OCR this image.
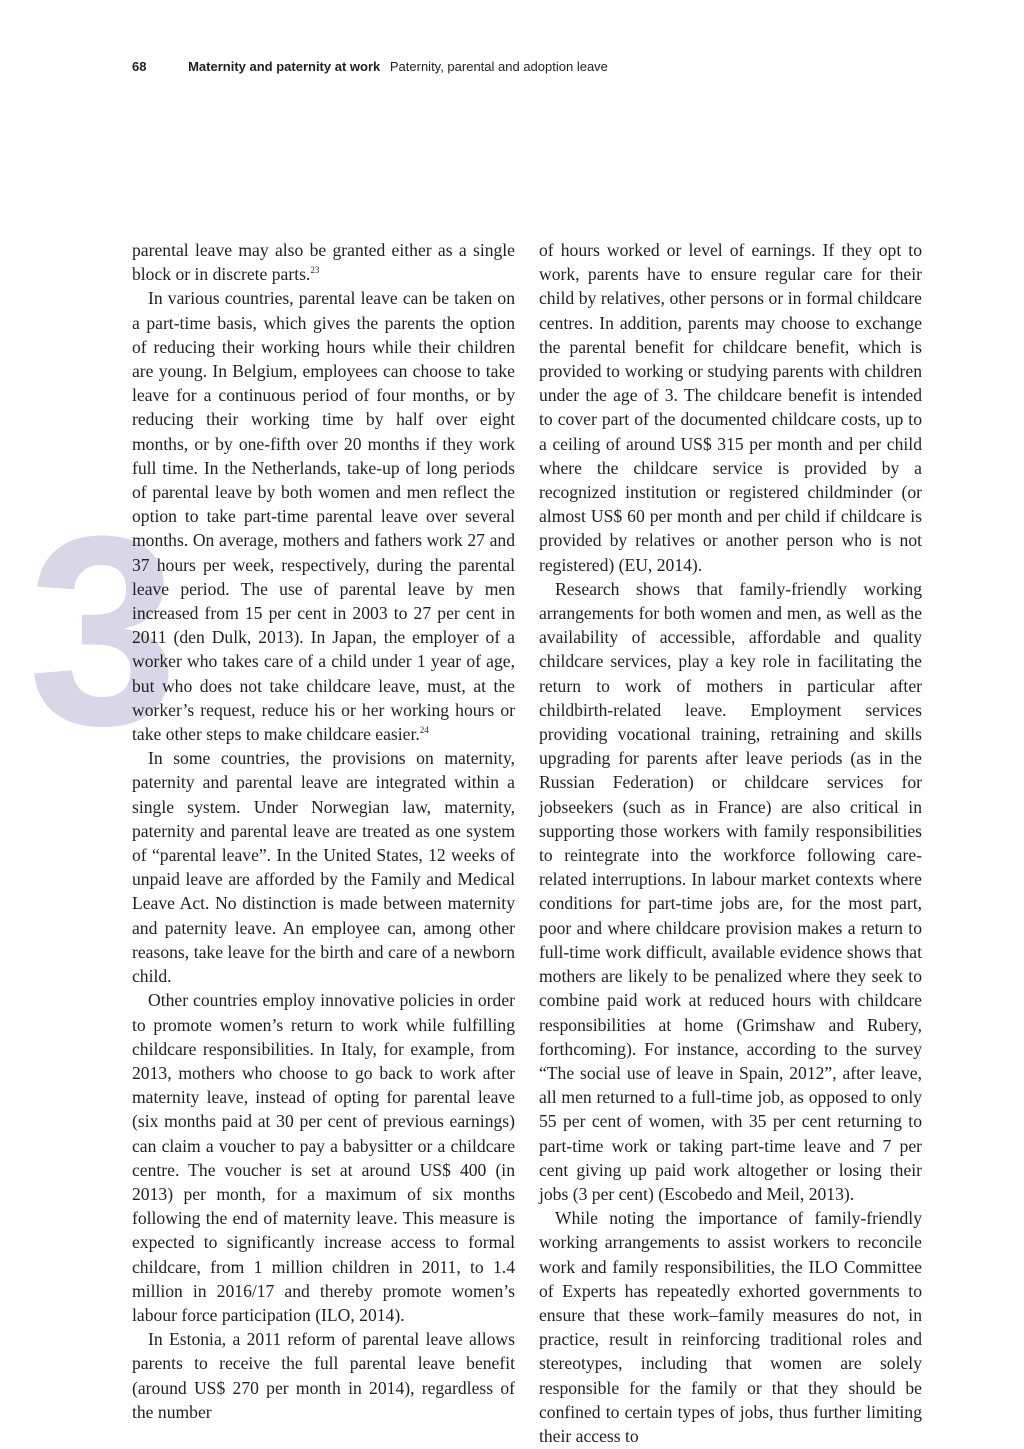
68	Maternity and paternity at work Paternity, parental and adoption leave
3

parental leave may also be granted either as a single block or in discrete parts.$^{23}$

In various countries, parental leave can be taken on a part-time basis, which gives the parents the option of reducing their working hours while their children are young. In Belgium, employees can choose to take leave for a continuous period of four months, or by reducing their working time by half over eight months, or by one-fifth over 20 months if they work full time. In the Netherlands, take-up of long periods of parental leave by both women and men reflect the option to take part-time parental leave over several months. On average, mothers and fathers work 27 and 37 hours per week, respectively, during the parental leave period. The use of parental leave by men increased from 15 per cent in 2003 to 27 per cent in 2011 (den Dulk, 2013). In Japan, the employer of a worker who takes care of a child under 1 year of age, but who does not take childcare leave, must, at the worker’s request, reduce his or her working hours or take other steps to make childcare easier.$^{24}$

In some countries, the provisions on maternity, paternity and parental leave are integrated within a single system. Under Norwegian law, maternity, paternity and parental leave are treated as one system of “parental leave”. In the United States, 12 weeks of unpaid leave are afforded by the Family and Medical Leave Act. No distinction is made between maternity and paternity leave. An employee can, among other reasons, take leave for the birth and care of a newborn child.

Other countries employ innovative policies in order to promote women’s return to work while fulfilling childcare responsibilities. In Italy, for example, from 2013, mothers who choose to go back to work after maternity leave, instead of opting for parental leave (six months paid at 30 per cent of previous earnings) can claim a voucher to pay a babysitter or a childcare centre. The voucher is set at around US$ 400 (in 2013) per month, for a maximum of six months following the end of maternity leave. This measure is expected to significantly increase access to formal childcare, from 1 million children in 2011, to 1.4 million in 2016/17 and thereby promote women’s labour force participation (ILO, 2014).

In Estonia, a 2011 reform of parental leave allows parents to receive the full parental leave benefit (around US$ 270 per month in 2014), regardless of the number

of hours worked or level of earnings. If they opt to work, parents have to ensure regular care for their child by relatives, other persons or in formal childcare centres. In addition, parents may choose to exchange the parental benefit for childcare benefit, which is provided to working or studying parents with children under the age of 3. The childcare benefit is intended to cover part of the documented childcare costs, up to a ceiling of around US$ 315 per month and per child where the childcare service is provided by a recognized institution or registered childminder (or almost US$ 60 per month and per child if childcare is provided by relatives or another person who is not registered) (EU, 2014).

Research shows that family-friendly working arrangements for both women and men, as well as the availability of accessible, affordable and quality childcare services, play a key role in facilitating the return to work of mothers in particular after childbirth-related leave. Employment services providing vocational training, retraining and skills upgrading for parents after leave periods (as in the Russian Federation) or childcare services for jobseekers (such as in France) are also critical in supporting those workers with family responsibilities to reintegrate into the workforce following care-related interruptions. In labour market contexts where conditions for part-time jobs are, for the most part, poor and where childcare provision makes a return to full-time work difficult, available evidence shows that mothers are likely to be penalized where they seek to combine paid work at reduced hours with childcare responsibilities at home (Grimshaw and Rubery, forthcoming). For instance, according to the survey “The social use of leave in Spain, 2012”, after leave, all men returned to a full-time job, as opposed to only 55 per cent of women, with 35 per cent returning to part-time work or taking part-time leave and 7 per cent giving up paid work altogether or losing their jobs (3 per cent) (Escobedo and Meil, 2013).

While noting the importance of family-friendly working arrangements to assist workers to reconcile work and family responsibilities, the ILO Committee of Experts has repeatedly exhorted governments to ensure that these work–family measures do not, in practice, result in reinforcing traditional roles and stereotypes, including that women are solely responsible for the family or that they should be confined to certain types of jobs, thus further limiting their access to
